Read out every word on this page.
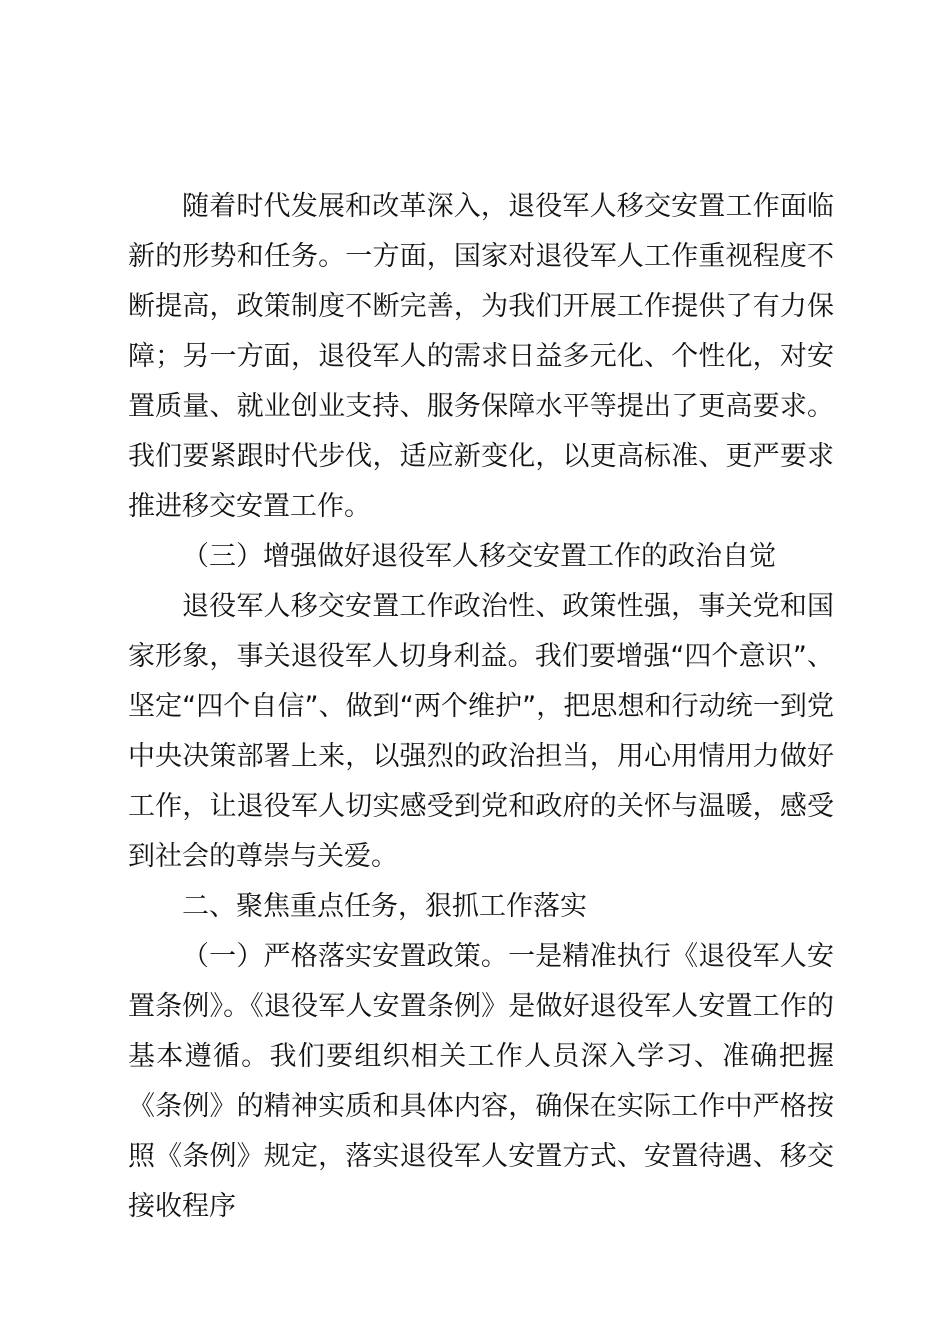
随着时代发展和改革深入，退役军人移交安置工作面临新的形势和任务。一方面，国家对退役军人工作重视程度不断提高，政策制度不断完善，为我们开展工作提供了有力保障；另一方面，退役军人的需求日益多元化、个性化，对安置质量、就业创业支持、服务保障水平等提出了更高要求。我们要紧跟时代步伐，适应新变化，以更高标准、更严要求推进移交安置工作。

（三）增强做好退役军人移交安置工作的政治自觉

退役军人移交安置工作政治性、政策性强，事关党和国家形象，事关退役军人切身利益。我们要增强“四个意识”、坚定“四个自信”、做到“两个维护”，把思想和行动统一到党中央决策部署上来，以强烈的政治担当，用心用情用力做好工作，让退役军人切实感受到党和政府的关怀与温暖，感受到社会的尊崇与关爱。

二、聚焦重点任务，狠抓工作落实

（一）严格落实安置政策。一是精准执行《退役军人安置条例》。《退役军人安置条例》是做好退役军人安置工作的基本遵循。我们要组织相关工作人员深入学习、准确把握《条例》的精神实质和具体内容，确保在实际工作中严格按照《条例》规定，落实退役军人安置方式、安置待遇、移交接收程序
